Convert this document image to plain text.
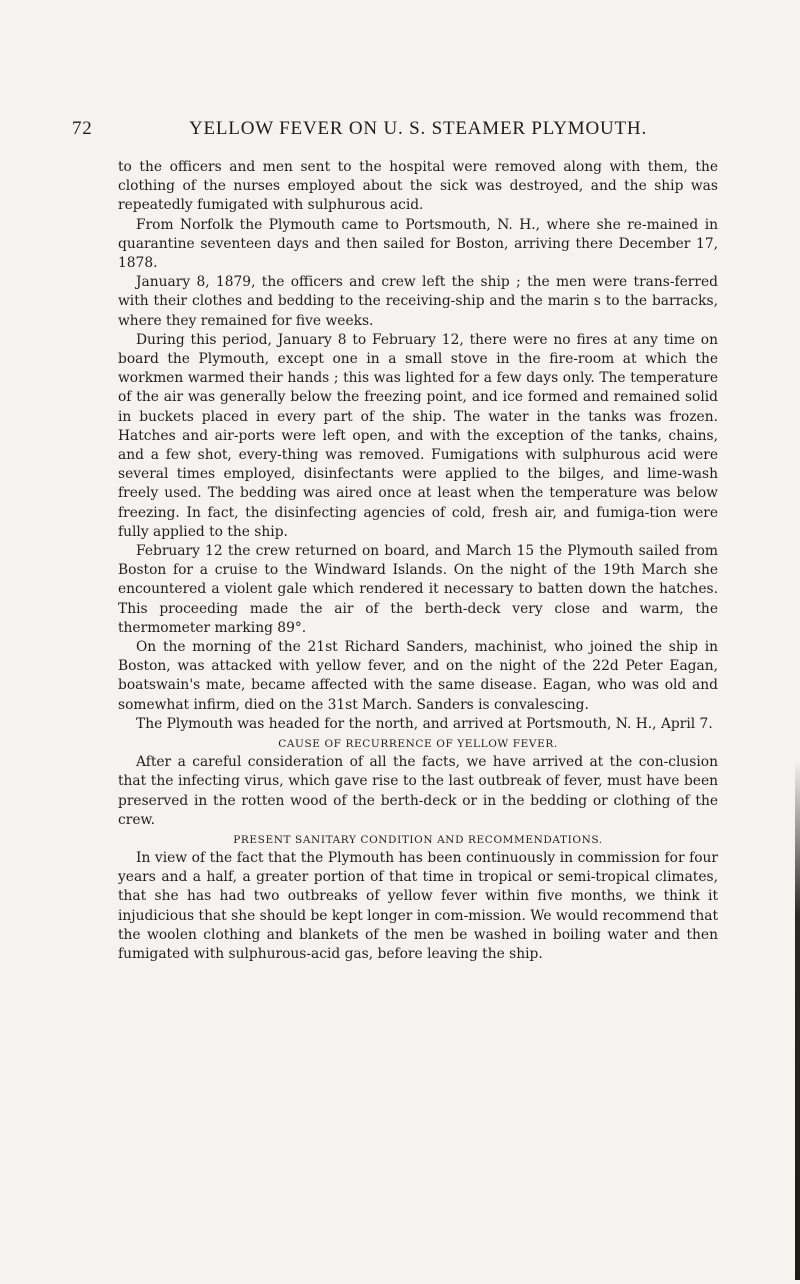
72	YELLOW FEVER ON U. S. STEAMER PLYMOUTH.

to the officers and men sent to the hospital were removed along with them, the clothing of the nurses employed about the sick was destroyed, and the ship was repeatedly fumigated with sulphurous acid.

From Norfolk the Plymouth came to Portsmouth, N. H., where she re-mained in quarantine seventeen days and then sailed for Boston, arriving there December 17, 1878.

January 8, 1879, the officers and crew left the ship ; the men were trans-ferred with their clothes and bedding to the receiving-ship and the marin s to the barracks, where they remained for five weeks.

During this period, January 8 to February 12, there were no fires at any time on board the Plymouth, except one in a small stove in the fire-room at which the workmen warmed their hands ; this was lighted for a few days only. The temperature of the air was generally below the freezing point, and ice formed and remained solid in buckets placed in every part of the ship. The water in the tanks was frozen. Hatches and air-ports were left open, and with the exception of the tanks, chains, and a few shot, every-thing was removed. Fumigations with sulphurous acid were several times employed, disinfectants were applied to the bilges, and lime-wash freely used. The bedding was aired once at least when the temperature was below freezing. In fact, the disinfecting agencies of cold, fresh air, and fumiga-tion were fully applied to the ship.

February 12 the crew returned on board, and March 15 the Plymouth sailed from Boston for a cruise to the Windward Islands. On the night of the 19th March she encountered a violent gale which rendered it necessary to batten down the hatches. This proceeding made the air of the berth-deck very close and warm, the thermometer marking 89°.

On the morning of the 21st Richard Sanders, machinist, who joined the ship in Boston, was attacked with yellow fever, and on the night of the 22d Peter Eagan, boatswain's mate, became affected with the same disease. Eagan, who was old and somewhat infirm, died on the 31st March. Sanders is convalescing.

The Plymouth was headed for the north, and arrived at Portsmouth, N. H., April 7.

CAUSE OF RECURRENCE OF YELLOW FEVER.

After a careful consideration of all the facts, we have arrived at the con-clusion that the infecting virus, which gave rise to the last outbreak of fever, must have been preserved in the rotten wood of the berth-deck or in the bedding or clothing of the crew.

PRESENT SANITARY CONDITION AND RECOMMENDATIONS.

In view of the fact that the Plymouth has been continuously in commission for four years and a half, a greater portion of that time in tropical or semi-tropical climates, that she has had two outbreaks of yellow fever within five months, we think it injudicious that she should be kept longer in com-mission. We would recommend that the woolen clothing and blankets of the men be washed in boiling water and then fumigated with sulphurous-acid gas, before leaving the ship.
